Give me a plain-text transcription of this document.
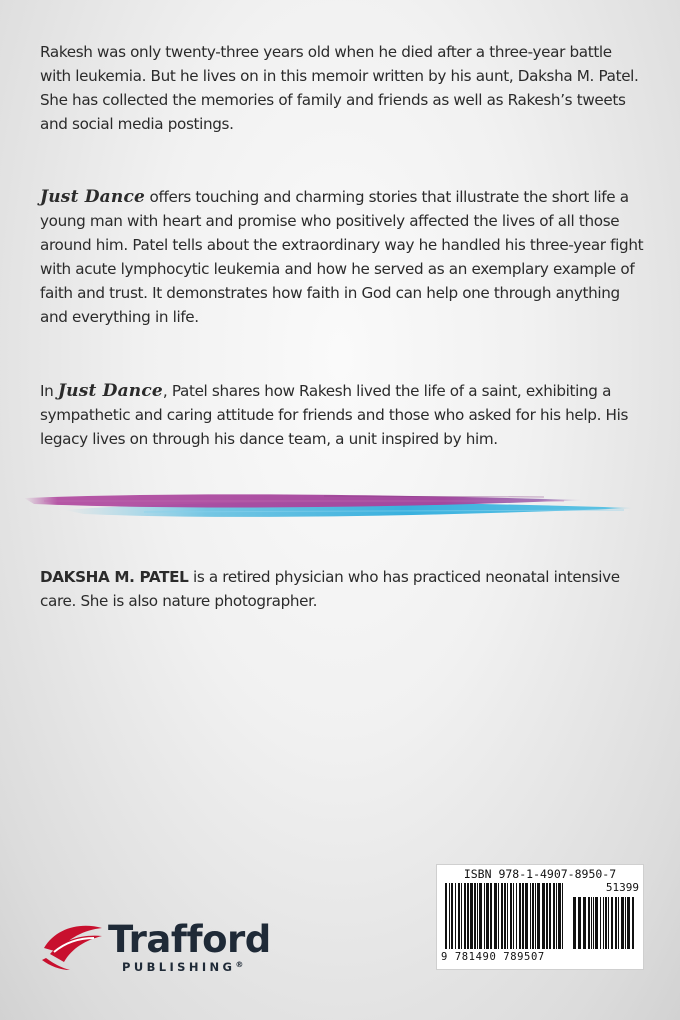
Rakesh was only twenty-three years old when he died after a three-year battle with leukemia. But he lives on in this memoir written by his aunt, Daksha M. Patel. She has collected the memories of family and friends as well as Rakesh’s tweets and social media postings.

Just Dance offers touching and charming stories that illustrate the short life a young man with heart and promise who positively affected the lives of all those around him. Patel tells about the extraordinary way he handled his three-year fight with acute lymphocytic leukemia and how he served as an exemplary example of faith and trust. It demonstrates how faith in God can help one through anything and everything in life.

In Just Dance, Patel shares how Rakesh lived the life of a saint, exhibiting a sympathetic and caring attitude for friends and those who asked for his help. His legacy lives on through his dance team, a unit inspired by him.

DAKSHA M. PATEL is a retired physician who has practiced neonatal intensive care. She is also nature photographer.

ISBN 978-1-4907-8950-7
51399
9 781490 789507
Trafford
PUBLISHING®
